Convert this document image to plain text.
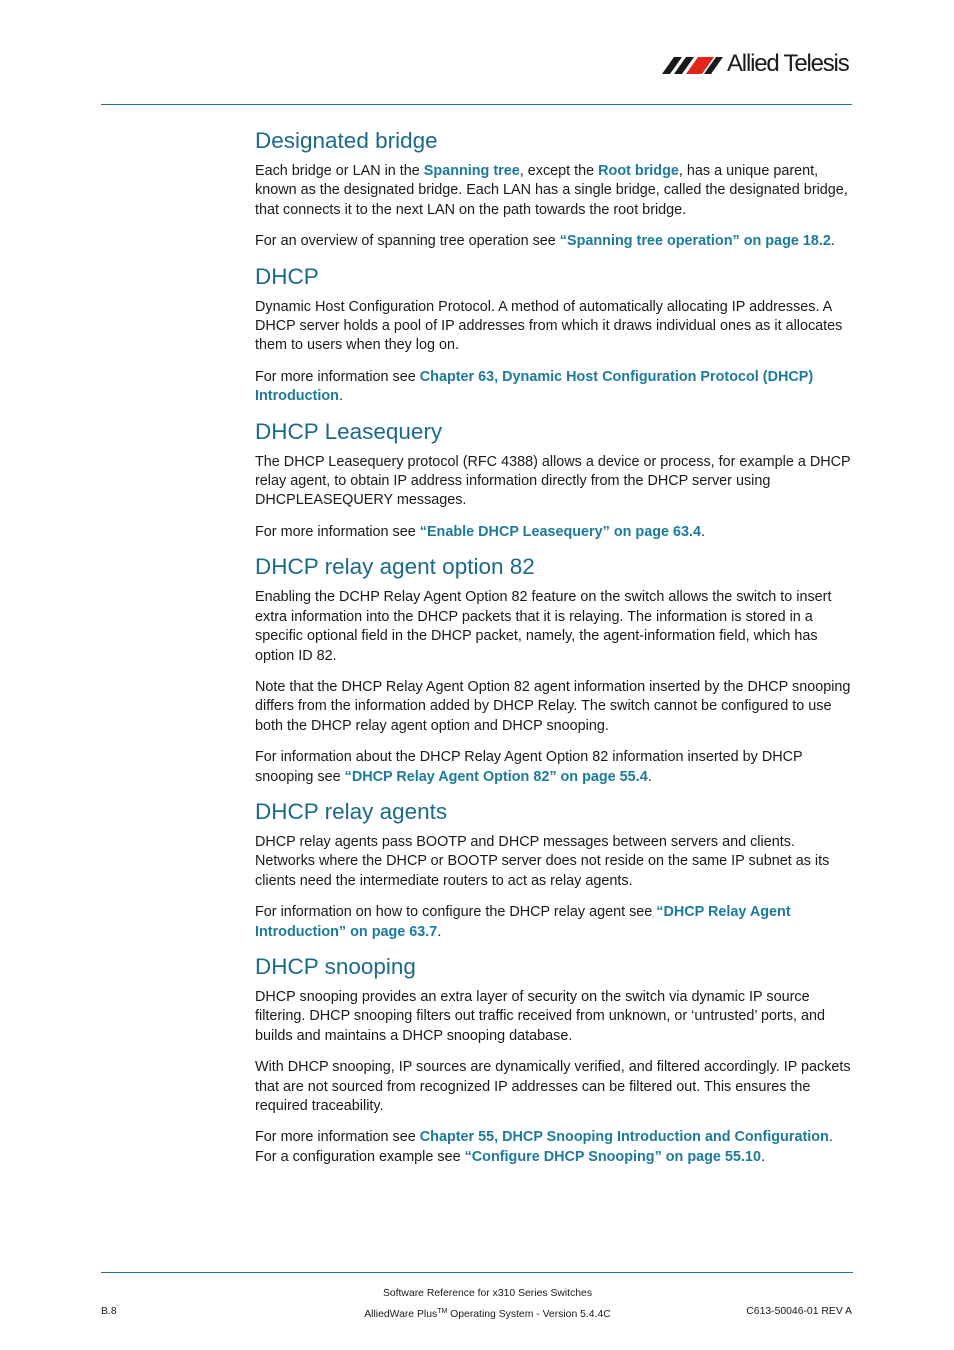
Allied Telesis
Designated bridge

Each bridge or LAN in the Spanning tree, except the Root bridge, has a unique parent, known as the designated bridge. Each LAN has a single bridge, called the designated bridge, that connects it to the next LAN on the path towards the root bridge.

For an overview of spanning tree operation see “Spanning tree operation” on page 18.2.

DHCP

Dynamic Host Configuration Protocol. A method of automatically allocating IP addresses. A DHCP server holds a pool of IP addresses from which it draws individual ones as it allocates them to users when they log on.

For more information see Chapter 63, Dynamic Host Configuration Protocol (DHCP) Introduction.

DHCP Leasequery

The DHCP Leasequery protocol (RFC 4388) allows a device or process, for example a DHCP relay agent, to obtain IP address information directly from the DHCP server using DHCPLEASEQUERY messages.

For more information see “Enable DHCP Leasequery” on page 63.4.

DHCP relay agent option 82

Enabling the DCHP Relay Agent Option 82 feature on the switch allows the switch to insert extra information into the DHCP packets that it is relaying. The information is stored in a specific optional field in the DHCP packet, namely, the agent-information field, which has option ID 82.

Note that the DHCP Relay Agent Option 82 agent information inserted by the DHCP snooping differs from the information added by DHCP Relay. The switch cannot be configured to use both the DHCP relay agent option and DHCP snooping.

For information about the DHCP Relay Agent Option 82 information inserted by DHCP snooping see “DHCP Relay Agent Option 82” on page 55.4.

DHCP relay agents

DHCP relay agents pass BOOTP and DHCP messages between servers and clients. Networks where the DHCP or BOOTP server does not reside on the same IP subnet as its clients need the intermediate routers to act as relay agents.

For information on how to configure the DHCP relay agent see “DHCP Relay Agent Introduction” on page 63.7.

DHCP snooping

DHCP snooping provides an extra layer of security on the switch via dynamic IP source filtering. DHCP snooping filters out traffic received from unknown, or ‘untrusted’ ports, and builds and maintains a DHCP snooping database.

With DHCP snooping, IP sources are dynamically verified, and filtered accordingly. IP packets that are not sourced from recognized IP addresses can be filtered out. This ensures the required traceability.

For more information see Chapter 55, DHCP Snooping Introduction and Configuration. For a configuration example see “Configure DHCP Snooping” on page 55.10.

Software Reference for x310 Series Switches
AlliedWare Plus™ Operating System - Version 5.4.4C
B.8	C613-50046-01 REV A
